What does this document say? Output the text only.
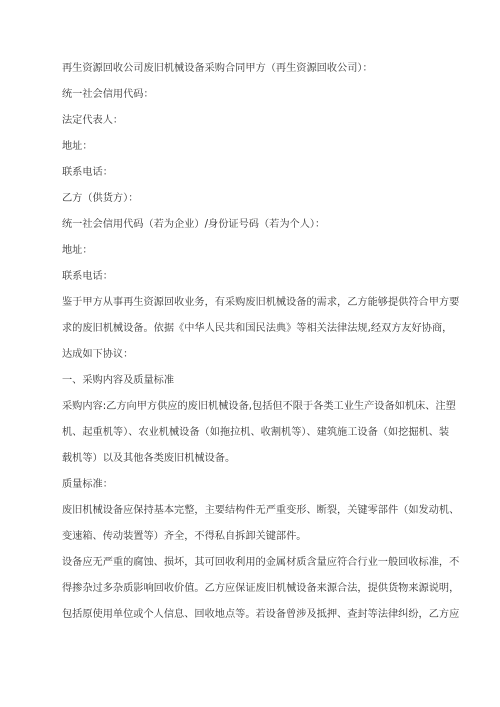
再生资源回收公司废旧机械设备采购合同甲方（再生资源回收公司）：

统一社会信用代码：

法定代表人：

地址：

联系电话：

乙方（供货方）：

统一社会信用代码（若为企业）/身份证号码（若为个人）：

地址：

联系电话：

鉴于甲方从事再生资源回收业务，有采购废旧机械设备的需求，乙方能够提供符合甲方要

求的废旧机械设备。依据《中华人民共和国民法典》等相关法律法规,经双方友好协商，

达成如下协议：

一、采购内容及质量标准

采购内容:乙方向甲方供应的废旧机械设备,包括但不限于各类工业生产设备如机床、注塑

机、起重机等）、农业机械设备（如拖拉机、收割机等）、建筑施工设备（如挖掘机、装

载机等）以及其他各类废旧机械设备。

质量标准：

废旧机械设备应保持基本完整，主要结构件无严重变形、断裂，关键零部件（如发动机、

变速箱、传动装置等）齐全，不得私自拆卸关键部件。

设备应无严重的腐蚀、损坏，其可回收利用的金属材质含量应符合行业一般回收标准，不

得掺杂过多杂质影响回收价值。乙方应保证废旧机械设备来源合法，提供货物来源说明，

包括原使用单位或个人信息、回收地点等。若设备曾涉及抵押、查封等法律纠纷，乙方应
